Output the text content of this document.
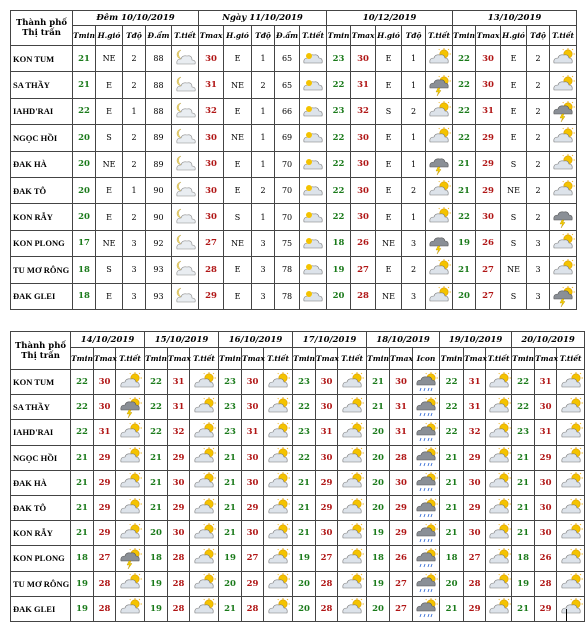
Thành phố
Thị trấn	Đêm 10/10/2019					Ngày 11/10/2019					10/12/2019					13/10/2019				
	Tmin	H.gió	Tđộ	Đ.ẩm	T.tiết	Tmax	H.gió	Tđộ	Đ.ẩm	T.tiết	Tmin	Tmax	H.gió	Tđộ	T.tiết	Tmin	Tmax	H.gió	Tđộ	T.tiết
KON TUM	21	NE	2	88		30	E	1	65		23	30	E	1		22	30	E	2	

SA THẦY	21	E	2	88		31	NE	2	65		22	31	E	1		22	30	E	2	

IAHD'RAI	22	E	1	88		32	E	1	66		23	32	S	2		22	31	E	2	

NGỌC HỒI	20	S	2	89		30	NE	1	69		22	30	E	1		22	29	E	2	

ĐAK HÀ	20	NE	2	89		30	E	1	70		22	30	E	1		21	29	S	2	

ĐAK TÔ	20	E	1	90		30	E	2	70		22	30	E	2		21	29	NE	2	

KON RẪY	20	E	2	90		30	S	1	70		22	30	E	1		22	30	S	2	

KON PLONG	17	NE	3	92		27	NE	3	75		18	26	NE	3		19	26	S	3	

TU MƠ RÔNG	18	S	3	93		28	E	3	78		19	27	E	2		21	27	NE	3	

ĐAK GLEI	18	E	3	93		29	E	3	78		20	28	NE	3		20	27	S	3	
Thành phố
Thị trấn	14/10/2019			15/10/2019			16/10/2019			17/10/2019			18/10/2019			19/10/2019			20/10/2019		
	Tmin	Tmax	T.tiết	Tmin	Tmax	T.tiết	Tmin	Tmax	T.tiết	Tmin	Tmax	T.tiết	Tmin	Tmax	Icon	Tmin	Tmax	T.tiết	Tmin	Tmax	T.tiết
KON TUM	22	30		22	31		23	30		23	30		21	30		22	31		22	31	

SA THẦY	22	30		22	31		23	30		22	30		21	31		22	31		22	30	

IAHD'RAI	22	31		22	32		23	31		23	31		20	31		22	32		23	31	

NGỌC HỒI	21	29		21	29		21	30		22	30		20	28		21	29		21	29	

ĐAK HÀ	21	29		21	30		21	30		21	29		20	30		21	30		21	30	

ĐAK TÔ	21	29		21	29		21	29		21	29		20	29		21	29		21	30	

KON RẪY	21	29		20	30		21	30		21	30		19	29		21	30		21	30	

KON PLONG	18	27		18	28		19	27		19	27		18	26		18	27		18	26	

TU MƠ RÔNG	19	28		19	28		20	29		20	28		19	27		20	28		19	28	

ĐAK GLEI	19	28		19	28		21	28		20	28		20	27		21	29		21	29	
